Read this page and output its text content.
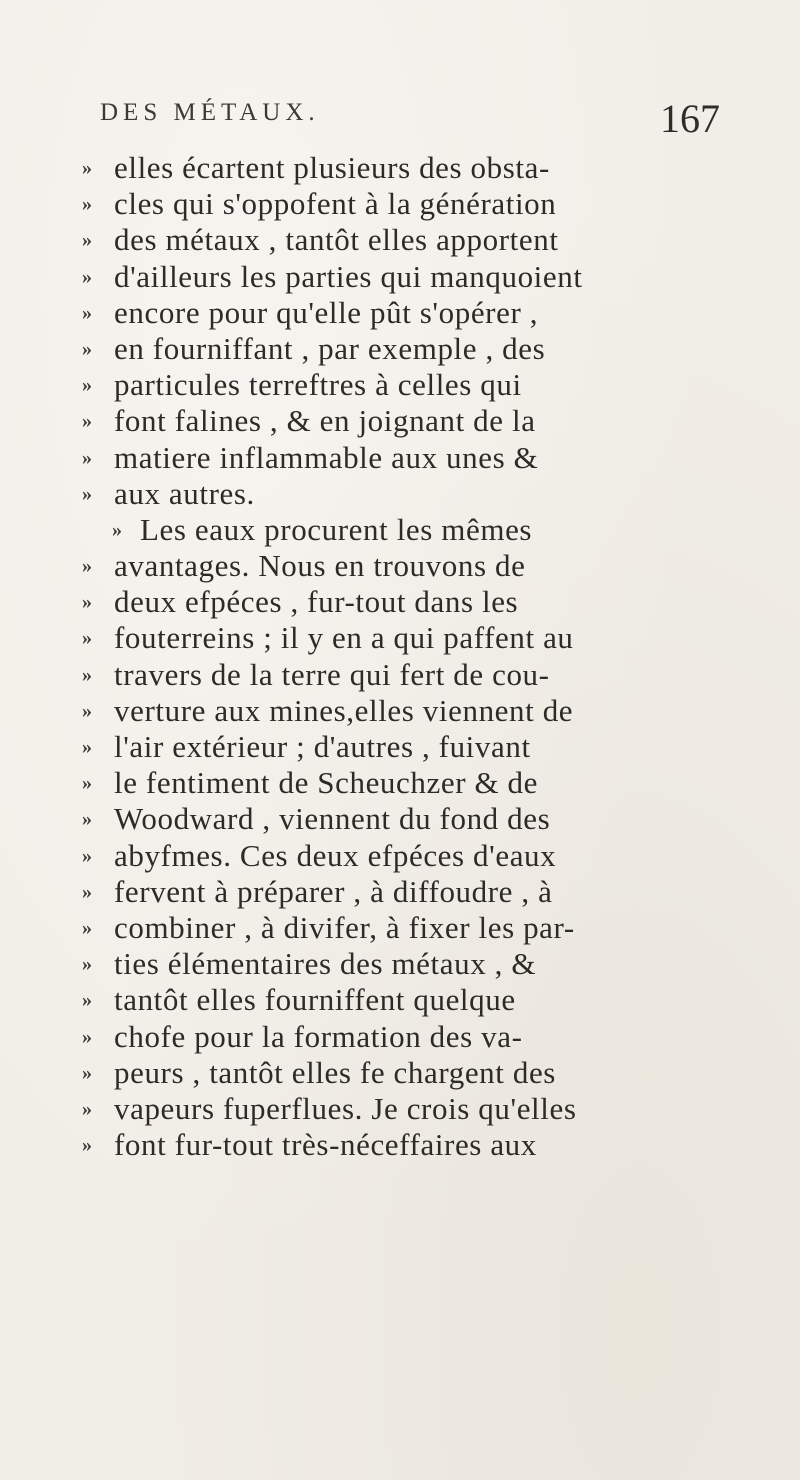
DES MÉTAUX.	167
» elles écartent plusieurs des obsta-
» cles qui s'oppofent à la génération
» des métaux , tantôt elles apportent
» d'ailleurs les parties qui manquoient
» encore pour qu'elle pût s'opérer ,
» en fourniffant , par exemple , des
» particules terreftres à celles qui
» font falines , & en joignant de la
» matiere inflammable aux unes &
» aux autres.
» Les eaux procurent les mêmes
» avantages. Nous en trouvons de
» deux efpéces , fur-tout dans les
» fouterreins ; il y en a qui paffent au
» travers de la terre qui fert de cou-
» verture aux mines,elles viennent de
» l'air extérieur ; d'autres , fuivant
» le fentiment de Scheuchzer & de
» Woodward , viennent du fond des
» abyfmes. Ces deux efpéces d'eaux
» fervent à préparer , à diffoudre , à
» combiner , à divifer, à fixer les par-
» ties élémentaires des métaux , &
» tantôt elles fourniffent quelque
» chofe pour la formation des va-
» peurs , tantôt elles fe chargent des
» vapeurs fuperflues. Je crois qu'elles
» font fur-tout très-néceffaires aux
